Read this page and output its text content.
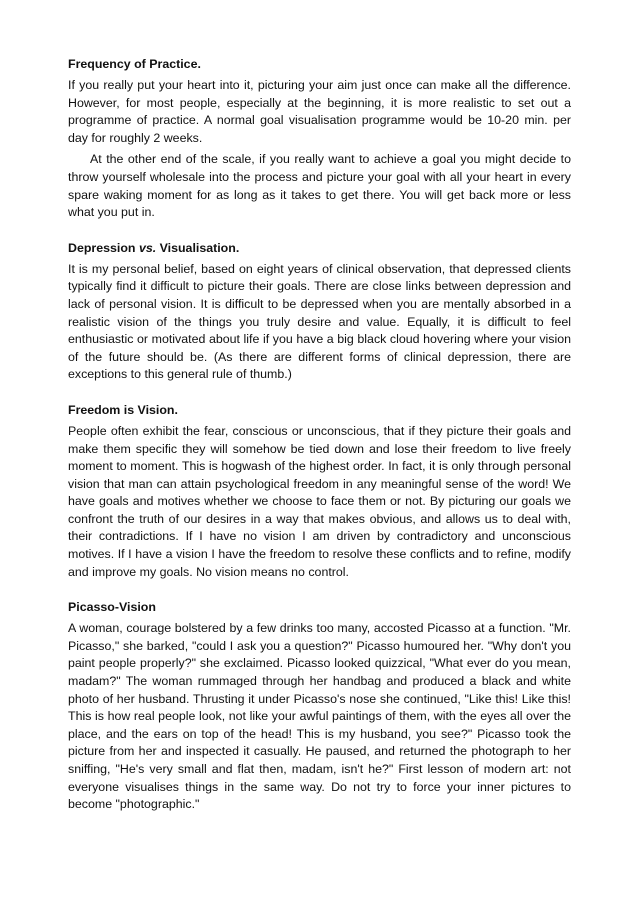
Frequency of Practice.

If you really put your heart into it, picturing your aim just once can make all the difference. However, for most people, especially at the beginning, it is more realistic to set out a programme of practice. A normal goal visualisation programme would be 10-20 min. per day for roughly 2 weeks.

At the other end of the scale, if you really want to achieve a goal you might decide to throw yourself wholesale into the process and picture your goal with all your heart in every spare waking moment for as long as it takes to get there. You will get back more or less what you put in.

Depression vs. Visualisation.

It is my personal belief, based on eight years of clinical observation, that depressed clients typically find it difficult to picture their goals. There are close links between depression and lack of personal vision. It is difficult to be depressed when you are mentally absorbed in a realistic vision of the things you truly desire and value. Equally, it is difficult to feel enthusiastic or motivated about life if you have a big black cloud hovering where your vision of the future should be. (As there are different forms of clinical depression, there are exceptions to this general rule of thumb.)

Freedom is Vision.

People often exhibit the fear, conscious or unconscious, that if they picture their goals and make them specific they will somehow be tied down and lose their freedom to live freely moment to moment. This is hogwash of the highest order. In fact, it is only through personal vision that man can attain psychological freedom in any meaningful sense of the word! We have goals and motives whether we choose to face them or not. By picturing our goals we confront the truth of our desires in a way that makes obvious, and allows us to deal with, their contradictions. If I have no vision I am driven by contradictory and unconscious motives. If I have a vision I have the freedom to resolve these conflicts and to refine, modify and improve my goals. No vision means no control.

Picasso-Vision

A woman, courage bolstered by a few drinks too many, accosted Picasso at a function. "Mr. Picasso," she barked, "could I ask you a question?" Picasso humoured her. "Why don't you paint people properly?" she exclaimed. Picasso looked quizzical, "What ever do you mean, madam?" The woman rummaged through her handbag and produced a black and white photo of her husband. Thrusting it under Picasso's nose she continued, "Like this! Like this! This is how real people look, not like your awful paintings of them, with the eyes all over the place, and the ears on top of the head! This is my husband, you see?" Picasso took the picture from her and inspected it casually. He paused, and returned the photograph to her sniffing, "He's very small and flat then, madam, isn't he?" First lesson of modern art: not everyone visualises things in the same way. Do not try to force your inner pictures to become "photographic."
